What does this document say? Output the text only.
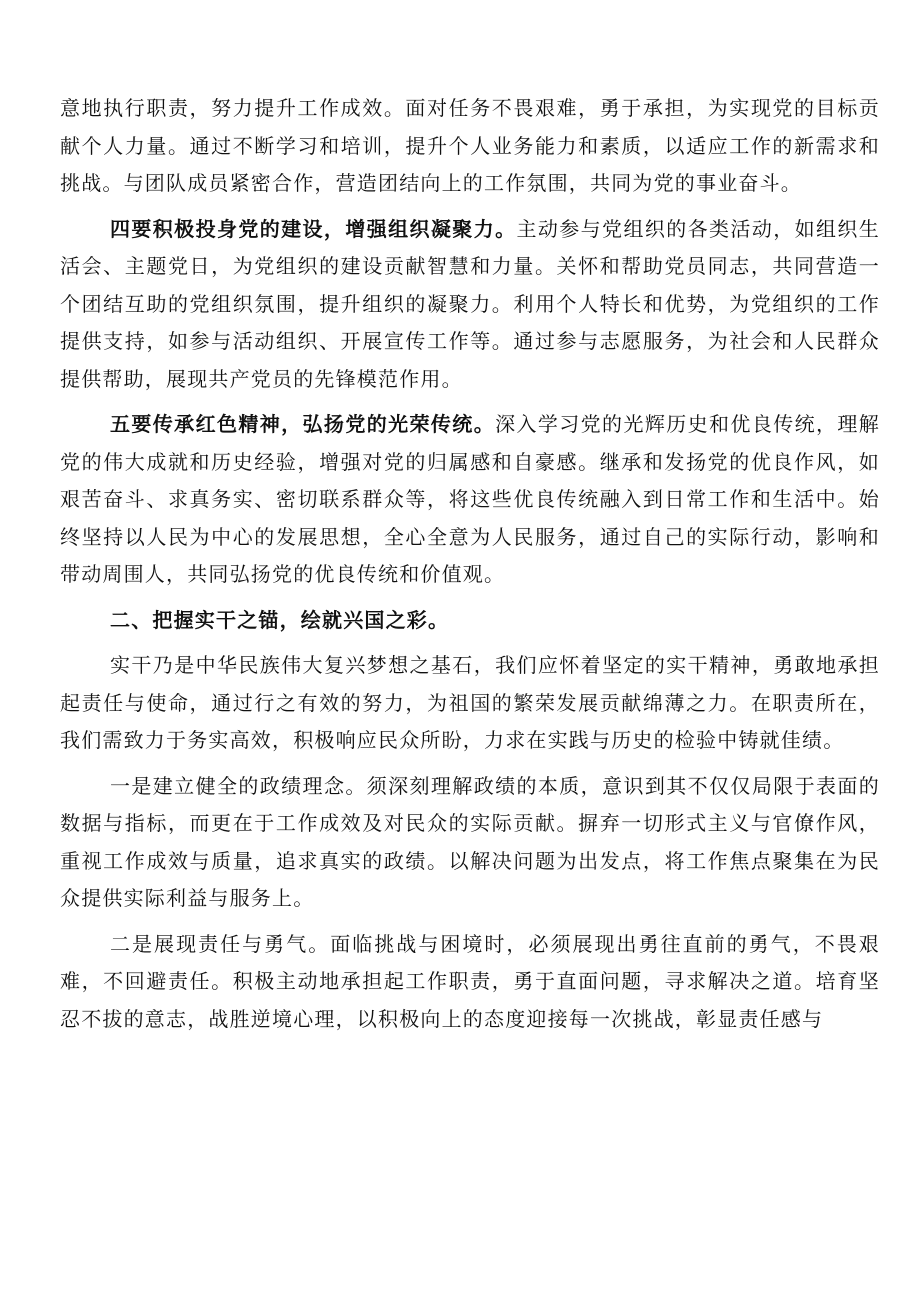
意地执行职责，努力提升工作成效。面对任务不畏艰难，勇于承担，为实现党的目标贡献个人力量。通过不断学习和培训，提升个人业务能力和素质，以适应工作的新需求和挑战。与团队成员紧密合作，营造团结向上的工作氛围，共同为党的事业奋斗。

四要积极投身党的建设，增强组织凝聚力。主动参与党组织的各类活动，如组织生活会、主题党日，为党组织的建设贡献智慧和力量。关怀和帮助党员同志，共同营造一个团结互助的党组织氛围，提升组织的凝聚力。利用个人特长和优势，为党组织的工作提供支持，如参与活动组织、开展宣传工作等。通过参与志愿服务，为社会和人民群众提供帮助，展现共产党员的先锋模范作用。

五要传承红色精神，弘扬党的光荣传统。深入学习党的光辉历史和优良传统，理解党的伟大成就和历史经验，增强对党的归属感和自豪感。继承和发扬党的优良作风，如艰苦奋斗、求真务实、密切联系群众等，将这些优良传统融入到日常工作和生活中。始终坚持以人民为中心的发展思想，全心全意为人民服务，通过自己的实际行动，影响和带动周围人，共同弘扬党的优良传统和价值观。

二、把握实干之锚，绘就兴国之彩。

实干乃是中华民族伟大复兴梦想之基石，我们应怀着坚定的实干精神，勇敢地承担起责任与使命，通过行之有效的努力，为祖国的繁荣发展贡献绵薄之力。在职责所在，我们需致力于务实高效，积极响应民众所盼，力求在实践与历史的检验中铸就佳绩。

一是建立健全的政绩理念。须深刻理解政绩的本质，意识到其不仅仅局限于表面的数据与指标，而更在于工作成效及对民众的实际贡献。摒弃一切形式主义与官僚作风，重视工作成效与质量，追求真实的政绩。以解决问题为出发点，将工作焦点聚集在为民众提供实际利益与服务上。

二是展现责任与勇气。面临挑战与困境时，必须展现出勇往直前的勇气，不畏艰难，不回避责任。积极主动地承担起工作职责，勇于直面问题，寻求解决之道。培育坚忍不拔的意志，战胜逆境心理，以积极向上的态度迎接每一次挑战，彰显责任感与
